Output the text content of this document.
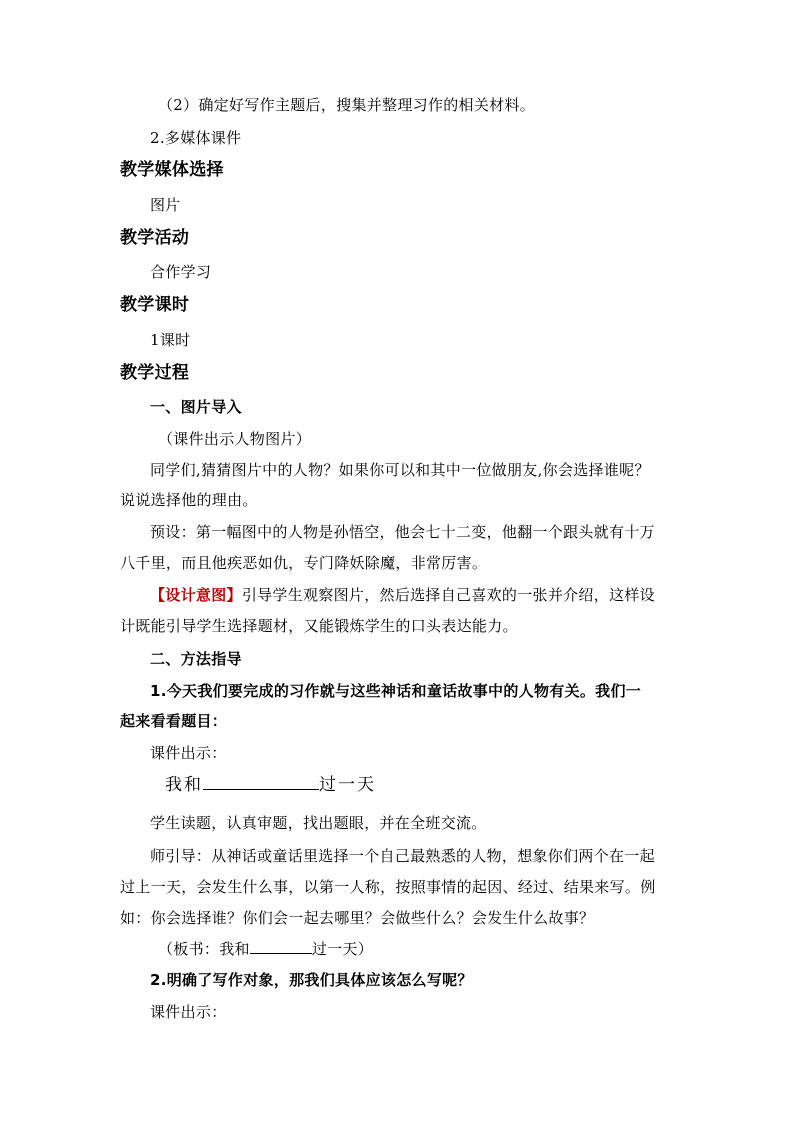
（2）确定好写作主题后，搜集并整理习作的相关材料。
2.多媒体课件
教学媒体选择
图片
教学活动
合作学习
教学课时
1课时
教学过程
一、图片导入
（课件出示人物图片）
同学们,猜猜图片中的人物？如果你可以和其中一位做朋友,你会选择谁呢？
说说选择他的理由。
预设：第一幅图中的人物是孙悟空，他会七十二变，他翻一个跟头就有十万
八千里，而且他疾恶如仇，专门降妖除魔，非常厉害。
【设计意图】引导学生观察图片，然后选择自己喜欢的一张并介绍，这样设
计既能引导学生选择题材，又能锻炼学生的口头表达能力。
二、方法指导
1.今天我们要完成的习作就与这些神话和童话故事中的人物有关。我们一
起来看看题目：
课件出示：
我和	过一天
学生读题，认真审题，找出题眼，并在全班交流。
师引导：从神话或童话里选择一个自己最熟悉的人物，想象你们两个在一起
过上一天，会发生什么事，以第一人称，按照事情的起因、经过、结果来写。例
如：你会选择谁？你们会一起去哪里？会做些什么？会发生什么故事？
（板书：我和	过一天）
2.明确了写作对象，那我们具体应该怎么写呢？
课件出示：
